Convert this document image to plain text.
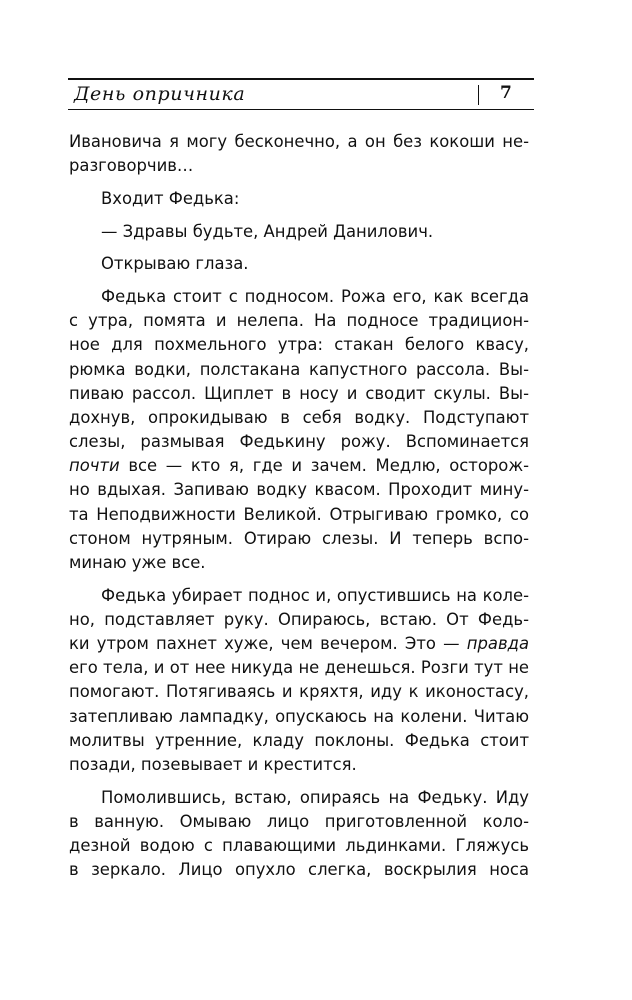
День опричника	7
Ивановича я могу бесконечно, а он без кокоши не-
разговорчив…
Входит Федька:
— Здравы будьте, Андрей Данилович.
Открываю глаза.
Федька стоит с подносом. Рожа его, как всегда
с утра, помята и нелепа. На подносе традицион-
ное для похмельного утра: стакан белого квасу,
рюмка водки, полстакана капустного рассола. Вы-
пиваю рассол. Щиплет в носу и сводит скулы. Вы-
дохнув, опрокидываю в себя водку. Подступают
слезы, размывая Федькину рожу. Вспоминается
почти все — кто я, где и зачем. Медлю, осторож-
но вдыхая. Запиваю водку квасом. Проходит мину-
та Неподвижности Великой. Отрыгиваю громко, со
стоном нутряным. Отираю слезы. И теперь вспо-
минаю уже все.
Федька убирает поднос и, опустившись на коле-
но, подставляет руку. Опираюсь, встаю. От Федь-
ки утром пахнет хуже, чем вечером. Это — правда
его тела, и от нее никуда не денешься. Розги тут не
помогают. Потягиваясь и кряхтя, иду к иконостасу,
затепливаю лампадку, опускаюсь на колени. Читаю
молитвы утренние, кладу поклоны. Федька стоит
позади, позевывает и крестится.
Помолившись, встаю, опираясь на Федьку. Иду
в ванную. Омываю лицо приготовленной коло-
дезной водою с плавающими льдинками. Гляжусь
в зеркало. Лицо опухло слегка, воскрылия носа
